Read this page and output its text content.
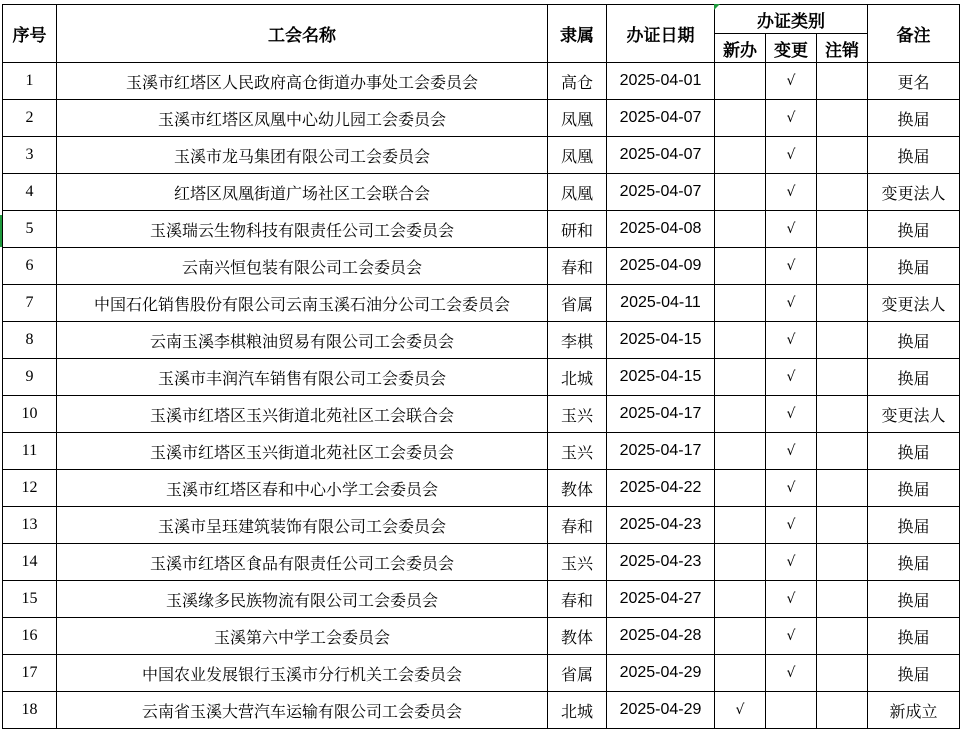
序号	工会名称	隶属	办证日期	办证类别			备注
				新办	变更	注销	
1	玉溪市红塔区人民政府高仓街道办事处工会委员会	高仓	2025-04-01		√		更名
2	玉溪市红塔区凤凰中心幼儿园工会委员会	凤凰	2025-04-07		√		换届
3	玉溪市龙马集团有限公司工会委员会	凤凰	2025-04-07		√		换届
4	红塔区凤凰街道广场社区工会联合会	凤凰	2025-04-07		√		变更法人
5	玉溪瑞云生物科技有限责任公司工会委员会	研和	2025-04-08		√		换届
6	云南兴恒包装有限公司工会委员会	春和	2025-04-09		√		换届
7	中国石化销售股份有限公司云南玉溪石油分公司工会委员会	省属	2025-04-11		√		变更法人
8	云南玉溪李棋粮油贸易有限公司工会委员会	李棋	2025-04-15		√		换届
9	玉溪市丰润汽车销售有限公司工会委员会	北城	2025-04-15		√		换届
10	玉溪市红塔区玉兴街道北苑社区工会联合会	玉兴	2025-04-17		√		变更法人
11	玉溪市红塔区玉兴街道北苑社区工会委员会	玉兴	2025-04-17		√		换届
12	玉溪市红塔区春和中心小学工会委员会	教体	2025-04-22		√		换届
13	玉溪市呈珏建筑装饰有限公司工会委员会	春和	2025-04-23		√		换届
14	玉溪市红塔区食品有限责任公司工会委员会	玉兴	2025-04-23		√		换届
15	玉溪缘多民族物流有限公司工会委员会	春和	2025-04-27		√		换届
16	玉溪第六中学工会委员会	教体	2025-04-28		√		换届
17	中国农业发展银行玉溪市分行机关工会委员会	省属	2025-04-29		√		换届
18	云南省玉溪大营汽车运输有限公司工会委员会	北城	2025-04-29	√			新成立
